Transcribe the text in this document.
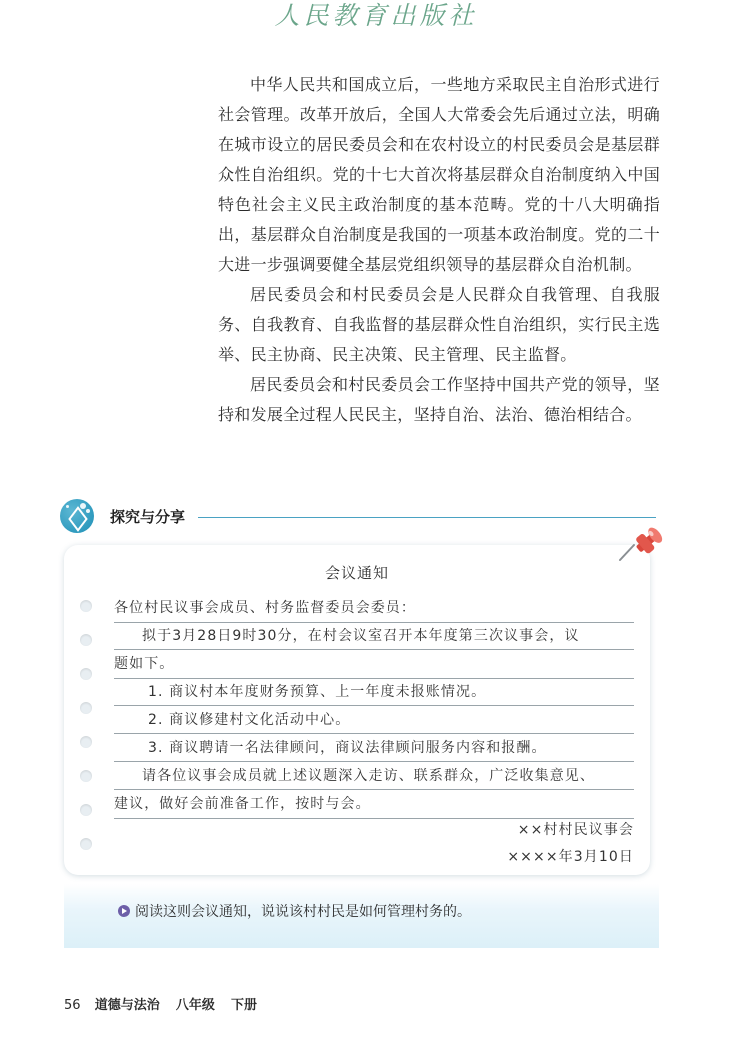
人民教育出版社

中华人民共和国成立后，一些地方采取民主自治形式进行社会管理。改革开放后，全国人大常委会先后通过立法，明确在城市设立的居民委员会和在农村设立的村民委员会是基层群众性自治组织。党的十七大首次将基层群众自治制度纳入中国特色社会主义民主政治制度的基本范畴。党的十八大明确指出，基层群众自治制度是我国的一项基本政治制度。党的二十大进一步强调要健全基层党组织领导的基层群众自治机制。

居民委员会和村民委员会是人民群众自我管理、自我服务、自我教育、自我监督的基层群众性自治组织，实行民主选举、民主协商、民主决策、民主管理、民主监督。

居民委员会和村民委员会工作坚持中国共产党的领导，坚持和发展全过程人民民主，坚持自治、法治、德治相结合。

探究与分享
会议通知
各位村民议事会成员、村务监督委员会委员：
拟于3月28日9时30分，在村会议室召开本年度第三次议事会，议
题如下。
1. 商议村本年度财务预算、上一年度未报账情况。
2. 商议修建村文化活动中心。
3. 商议聘请一名法律顾问，商议法律顾问服务内容和报酬。
请各位议事会成员就上述议题深入走访、联系群众，广泛收集意见、
建议，做好会前准备工作，按时与会。
××村村民议事会
××××年3月10日
阅读这则会议通知，说说该村村民是如何管理村务的。
56 道德与法治 八年级 下册
